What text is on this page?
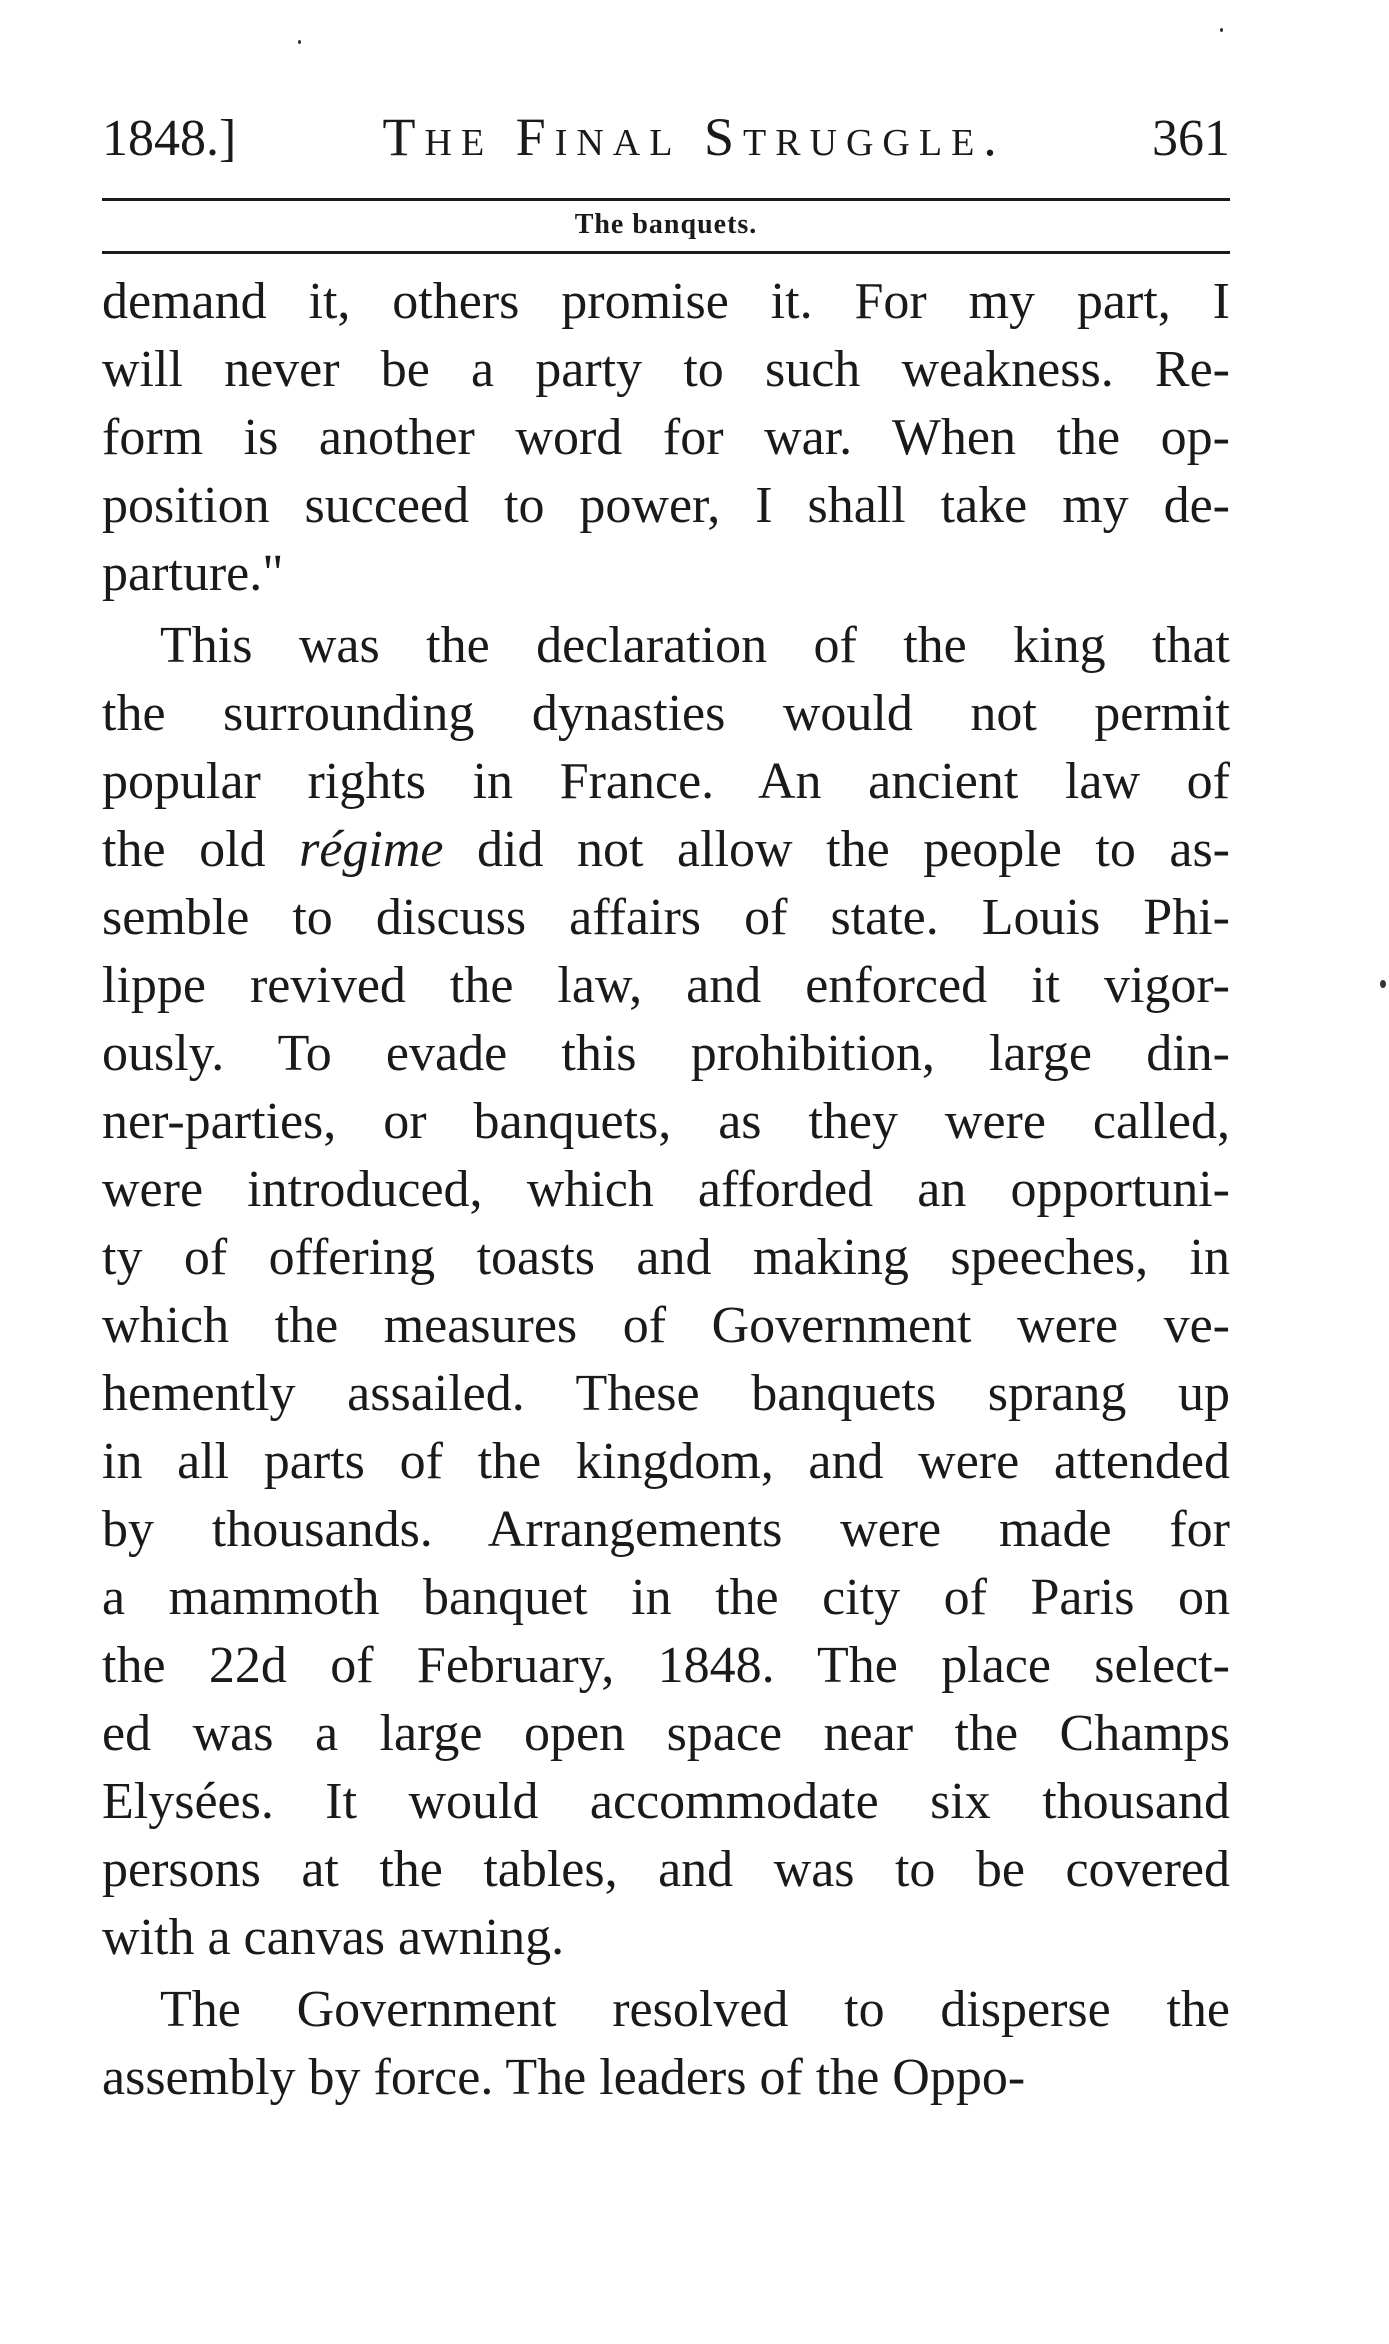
1848.]	The Final Struggle.	361
The banquets.
demand it, others promise it. For my part, I
will never be a party to such weakness. Re-
form is another word for war. When the op-
position succeed to power, I shall take my de-
parture."
This was the declaration of the king that
the surrounding dynasties would not permit
popular rights in France. An ancient law of
the old régime did not allow the people to as-
semble to discuss affairs of state. Louis Phi-
lippe revived the law, and enforced it vigor-
ously. To evade this prohibition, large din-
ner-parties, or banquets, as they were called,
were introduced, which afforded an opportuni-
ty of offering toasts and making speeches, in
which the measures of Government were ve-
hemently assailed. These banquets sprang up
in all parts of the kingdom, and were attended
by thousands. Arrangements were made for
a mammoth banquet in the city of Paris on
the 22d of February, 1848. The place select-
ed was a large open space near the Champs
Elysées. It would accommodate six thousand
persons at the tables, and was to be covered
with a canvas awning.
The Government resolved to disperse the
assembly by force. The leaders of the Oppo-
